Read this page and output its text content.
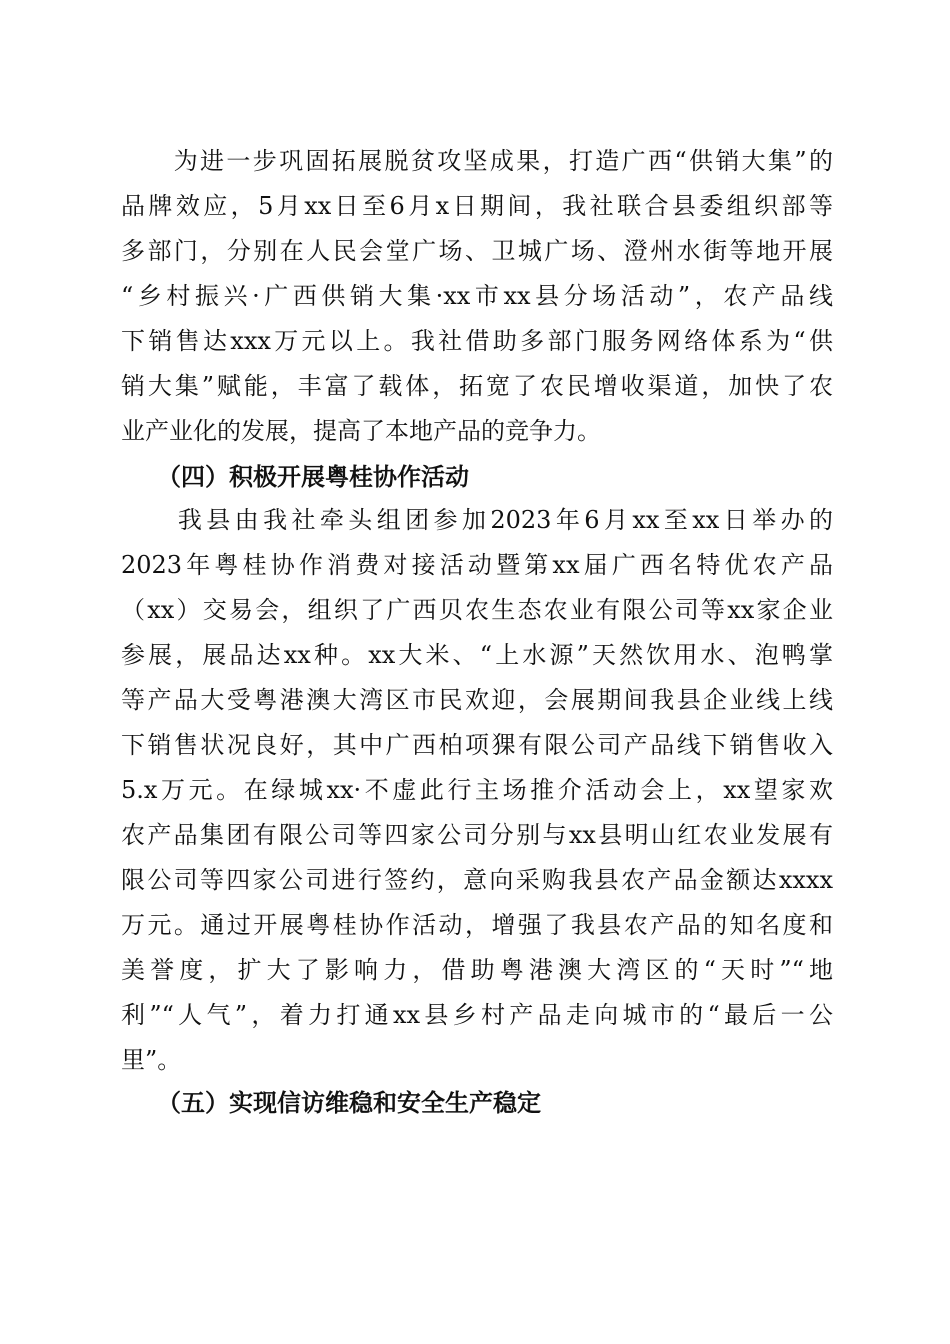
　　为进一步巩固拓展脱贫攻坚成果，打造广西“供销大集”的
品牌效应，5月xx日至6月x日期间，我社联合县委组织部等
多部门，分别在人民会堂广场、卫城广场、澄州水街等地开展
“乡村振兴·广西供销大集·xx市xx县分场活动”，农产品线
下销售达xxx万元以上。我社借助多部门服务网络体系为“供
销大集”赋能，丰富了载体，拓宽了农民增收渠道，加快了农
业产业化的发展，提高了本地产品的竞争力。
　　（四）积极开展粤桂协作活动
　　我县由我社牵头组团参加2023年6月xx至xx日举办的
2023年粤桂协作消费对接活动暨第xx届广西名特优农产品
（xx）交易会，组织了广西贝农生态农业有限公司等xx家企业
参展，展品达xx种。xx大米、“上水源”天然饮用水、泡鸭掌
等产品大受粤港澳大湾区市民欢迎，会展期间我县企业线上线
下销售状况良好，其中广西柏项猓有限公司产品线下销售收入
5.x万元。在绿城xx·不虚此行主场推介活动会上，xx望家欢
农产品集团有限公司等四家公司分别与xx县明山红农业发展有
限公司等四家公司进行签约，意向采购我县农产品金额达xxxx
万元。通过开展粤桂协作活动，增强了我县农产品的知名度和
美誉度，扩大了影响力，借助粤港澳大湾区的“天时”“地
利”“人气”，着力打通xx县乡村产品走向城市的“最后一公
里”。
　　（五）实现信访维稳和安全生产稳定
